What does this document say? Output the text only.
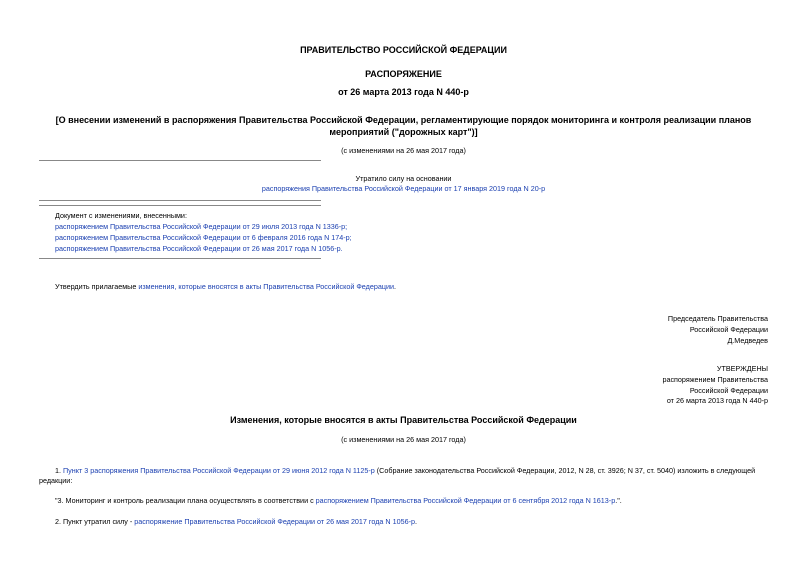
ПРАВИТЕЛЬСТВО РОССИЙСКОЙ ФЕДЕРАЦИИ
РАСПОРЯЖЕНИЕ
от 26 марта 2013 года N 440-р
[О внесении изменений в распоряжения Правительства Российской Федерации, регламентирующие порядок мониторинга и контроля реализации планов
мероприятий ("дорожных карт")]
(с изменениями на 26 мая 2017 года)
Утратило силу на основании
распоряжения Правительства Российской Федерации от 17 января 2019 года N 20-р
Документ с изменениями, внесенными:
распоряжением Правительства Российской Федерации от 29 июля 2013 года N 1336-р;
распоряжением Правительства Российской Федерации от 6 февраля 2016 года N 174-р;
распоряжением Правительства Российской Федерации от 26 мая 2017 года N 1056-р.
Утвердить прилагаемые изменения, которые вносятся в акты Правительства Российской Федерации.
Председатель Правительства
Российской Федерации
Д.Медведев
УТВЕРЖДЕНЫ
распоряжением Правительства
Российской Федерации
от 26 марта 2013 года N 440-р
Изменения, которые вносятся в акты Правительства Российской Федерации
(с изменениями на 26 мая 2017 года)
1. Пункт 3 распоряжения Правительства Российской Федерации от 29 июня 2012 года N 1125-р (Собрание законодательства Российской Федерации, 2012, N 28, ст. 3926; N 37, ст. 5040) изложить в следующей
редакции:
"3. Мониторинг и контроль реализации плана осуществлять в соответствии с распоряжением Правительства Российской Федерации от 6 сентября 2012 года N 1613-р.".
2. Пункт утратил силу - распоряжение Правительства Российской Федерации от 26 мая 2017 года N 1056-р.
